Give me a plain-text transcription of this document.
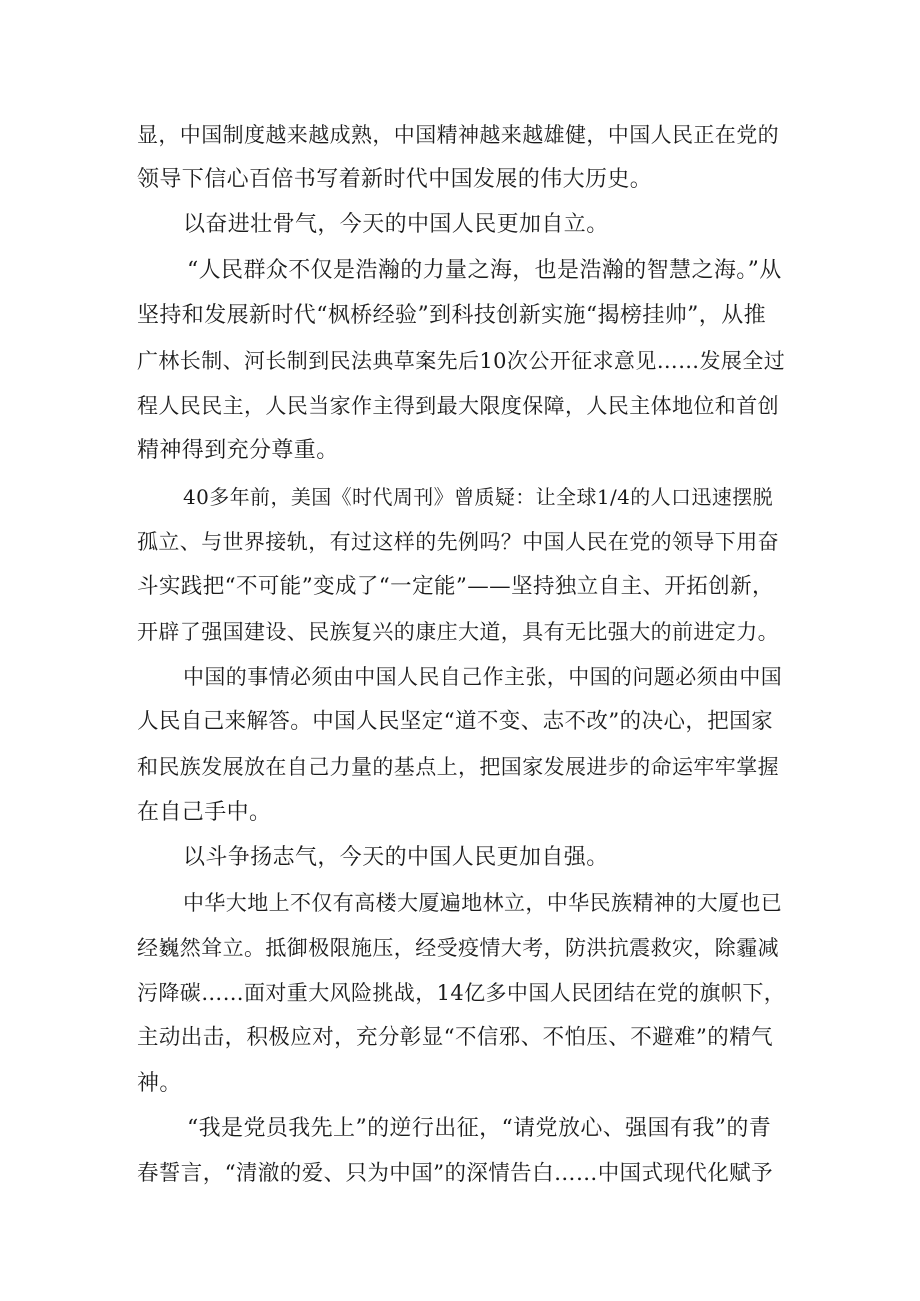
显，中国制度越来越成熟，中国精神越来越雄健，中国人民正在党的
领导下信心百倍书写着新时代中国发展的伟大历史。
以奋进壮骨气，今天的中国人民更加自立。
“人民群众不仅是浩瀚的力量之海，也是浩瀚的智慧之海。”从
坚持和发展新时代“枫桥经验”到科技创新实施“揭榜挂帅”，从推
广林长制、河长制到民法典草案先后10次公开征求意见……发展全过
程人民民主，人民当家作主得到最大限度保障，人民主体地位和首创
精神得到充分尊重。
40多年前，美国《时代周刊》曾质疑：让全球1/4的人口迅速摆脱
孤立、与世界接轨，有过这样的先例吗？中国人民在党的领导下用奋
斗实践把“不可能”变成了“一定能”——坚持独立自主、开拓创新，
开辟了强国建设、民族复兴的康庄大道，具有无比强大的前进定力。
中国的事情必须由中国人民自己作主张，中国的问题必须由中国
人民自己来解答。中国人民坚定“道不变、志不改”的决心，把国家
和民族发展放在自己力量的基点上，把国家发展进步的命运牢牢掌握
在自己手中。
以斗争扬志气，今天的中国人民更加自强。
中华大地上不仅有高楼大厦遍地林立，中华民族精神的大厦也已
经巍然耸立。抵御极限施压，经受疫情大考，防洪抗震救灾，除霾减
污降碳……面对重大风险挑战，14亿多中国人民团结在党的旗帜下，
主动出击，积极应对，充分彰显“不信邪、不怕压、不避难”的精气
神。
“我是党员我先上”的逆行出征，“请党放心、强国有我”的青
春誓言，“清澈的爱、只为中国”的深情告白……中国式现代化赋予
